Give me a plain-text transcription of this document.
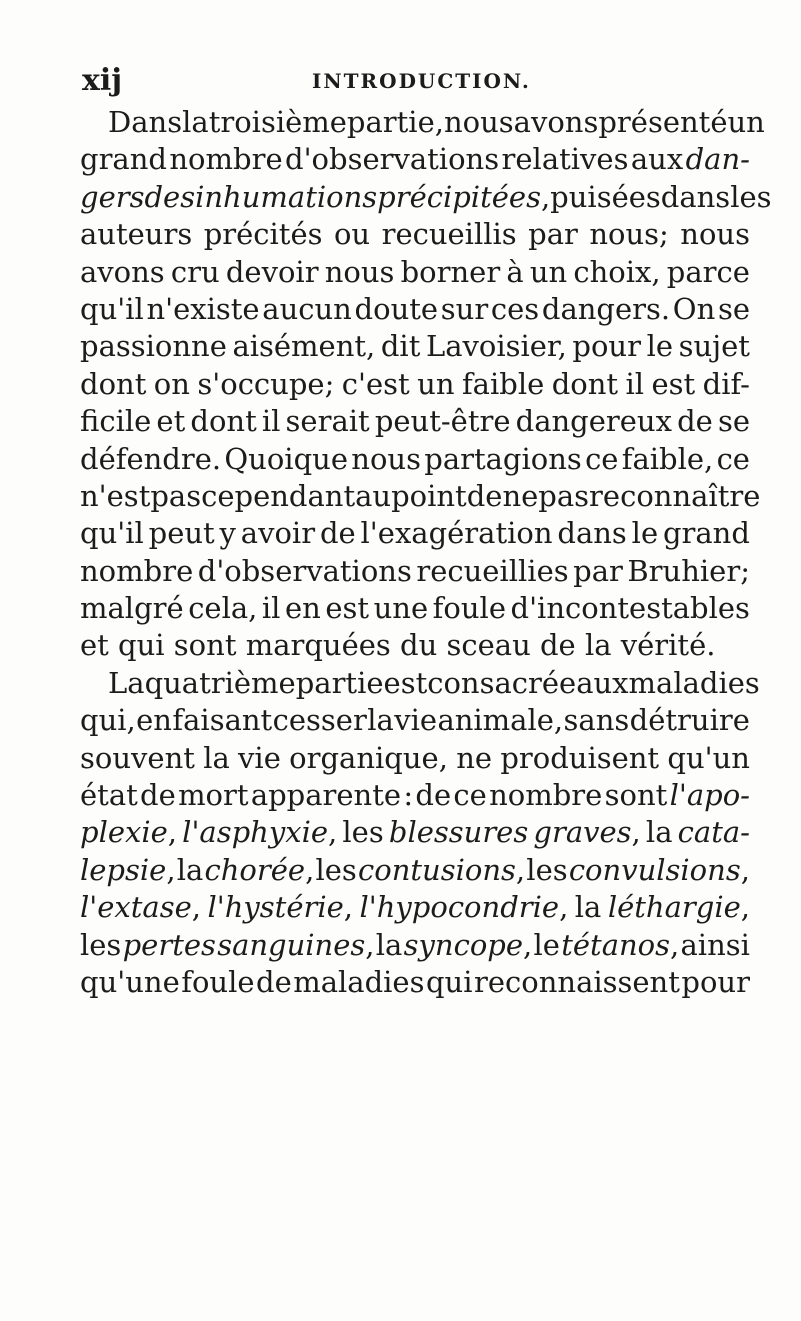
xij	INTRODUCTION.
Dans la troisième partie, nous avons présenté un
grand nombre d'observations relatives aux dan-
gers des inhumations précipitées, puisées dans les
auteurs précités ou recueillis par nous; nous
avons cru devoir nous borner à un choix, parce
qu'il n'existe aucun doute sur ces dangers. On se
passionne aisément, dit Lavoisier, pour le sujet
dont on s'occupe; c'est un faible dont il est dif-
ficile et dont il serait peut-être dangereux de se
défendre. Quoique nous partagions ce faible, ce
n'est pas cependant au point de ne pas reconnaître
qu'il peut y avoir de l'exagération dans le grand
nombre d'observations recueillies par Bruhier;
malgré cela, il en est une foule d'incontestables
et
qui
sont
marquées
du
sceau
de
la
vérité.
La quatrième partie est consacrée aux maladies
qui, en faisant cesser la vie animale, sans détruire
souvent la vie organique, ne produisent qu'un
état de mort apparente : de ce nombre sont l'apo-
plexie, l'asphyxie, les blessures graves, la cata-
lepsie, la chorée, les contusions, les convulsions,
l'extase, l'hystérie, l'hypocondrie, la léthargie,
les pertes sanguines, la syncope, le tétanos, ainsi
qu'une foule de maladies qui reconnaissent pour
